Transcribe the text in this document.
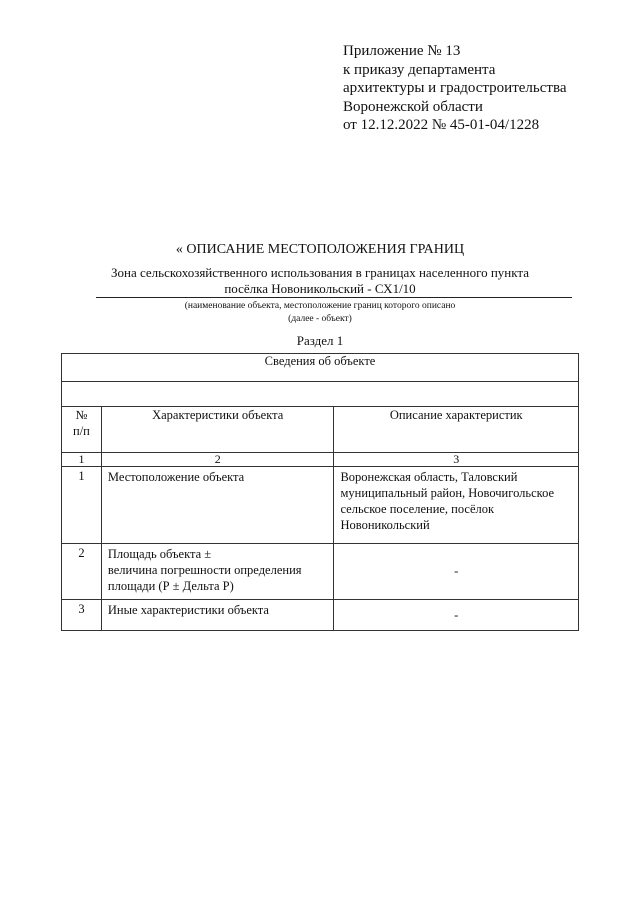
Приложение № 13
к приказу департамента
архитектуры и градостроительства
Воронежской области
от 12.12.2022 № 45-01-04/1228
« ОПИСАНИЕ МЕСТОПОЛОЖЕНИЯ ГРАНИЦ
Зона сельскохозяйственного использования в границах населенного пункта
посёлка Новоникольский - СХ1/10
(наименование объекта, местоположение границ которого описано
(далее - объект)
Раздел 1
Сведения об объекте		

№
п/п	Характеристики объекта	Описание характеристик
1	2	3
1	Местоположение объекта	Воронежская область, Таловский
муниципальный район, Новочигольское
сельское поселение, посёлок
Новоникольский

2	Площадь объекта ±
величина погрешности определения
площади (Р ± Дельта Р)	-
3	Иные характеристики объекта	-
